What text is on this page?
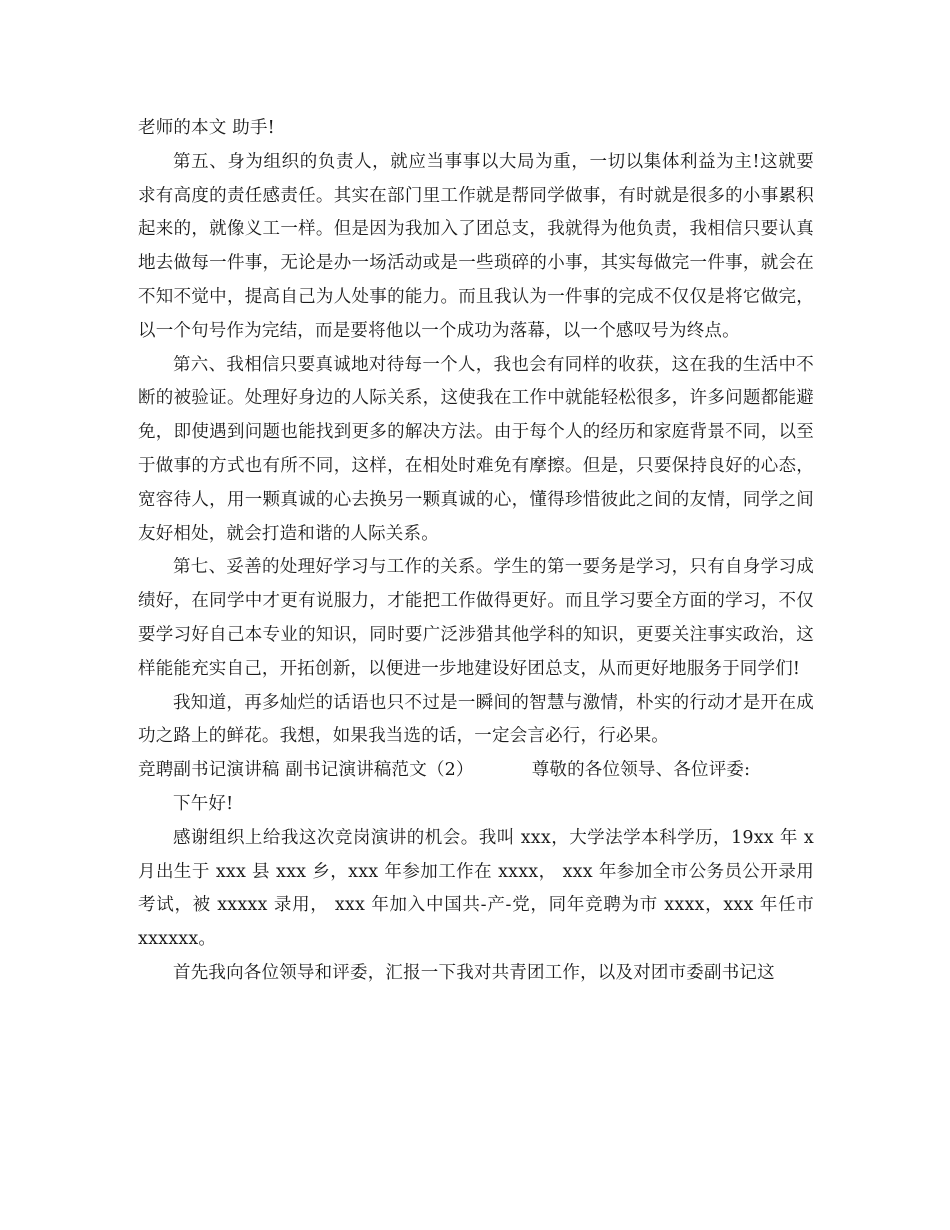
老师的本文 助手!

第五、身为组织的负责人，就应当事事以大局为重，一切以集体利益为主!这就要求有高度的责任感责任。其实在部门里工作就是帮同学做事，有时就是很多的小事累积起来的，就像义工一样。但是因为我加入了团总支，我就得为他负责，我相信只要认真地去做每一件事，无论是办一场活动或是一些琐碎的小事，其实每做完一件事，就会在不知不觉中，提高自己为人处事的能力。而且我认为一件事的完成不仅仅是将它做完，以一个句号作为完结，而是要将他以一个成功为落幕，以一个感叹号为终点。

第六、我相信只要真诚地对待每一个人，我也会有同样的收获，这在我的生活中不断的被验证。处理好身边的人际关系，这使我在工作中就能轻松很多，许多问题都能避免，即使遇到问题也能找到更多的解决方法。由于每个人的经历和家庭背景不同，以至于做事的方式也有所不同，这样，在相处时难免有摩擦。但是，只要保持良好的心态，宽容待人，用一颗真诚的心去换另一颗真诚的心，懂得珍惜彼此之间的友情，同学之间友好相处，就会打造和谐的人际关系。

第七、妥善的处理好学习与工作的关系。学生的第一要务是学习，只有自身学习成绩好，在同学中才更有说服力，才能把工作做得更好。而且学习要全方面的学习，不仅要学习好自己本专业的知识，同时要广泛涉猎其他学科的知识，更要关注事实政治，这样能能充实自己，开拓创新，以便进一步地建设好团总支，从而更好地服务于同学们!

我知道，再多灿烂的话语也只不过是一瞬间的智慧与激情，朴实的行动才是开在成功之路上的鲜花。我想，如果我当选的话，一定会言必行，行必果。

竞聘副书记演讲稿 副书记演讲稿范文（2）	尊敬的各位领导、各位评委:

下午好!

感谢组织上给我这次竞岗演讲的机会。我叫 xxx，大学法学本科学历，19xx 年 x 月出生于 xxx 县 xxx 乡，xxx 年参加工作在 xxxx， xxx 年参加全市公务员公开录用考试，被 xxxxx 录用， xxx 年加入中国共-产-党，同年竞聘为市 xxxx，xxx 年任市 xxxxxx。

首先我向各位领导和评委，汇报一下我对共青团工作，以及对团市委副书记这
